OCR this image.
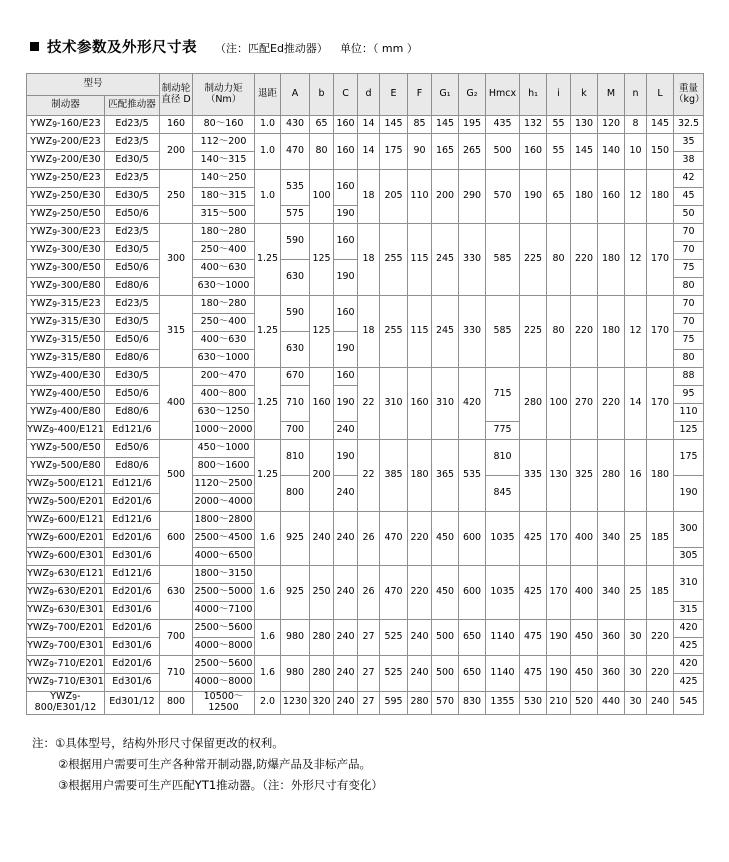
技术参数及外形尺寸表 （注：匹配Ed推动器） 单位：（ mm ）
型号		制动轮直径 D	制动力矩 （Nm）	退距	A	b	C	d	E	F	G₁	G₂	Hmcx	h₁	i	k	M	n	L	重量 （kg）
制动器	匹配推动器																			
YWZ9-160/E23	Ed23/5	160	80～160	1.0	430	65	160	14	145	85	145	195	435	132	55	130	120	8	145	32.5
YWZ9-200/E23	Ed23/5	200	112～200	1.0	470	80	160	14	175	90	165	265	500	160	55	145	140	10	150	35
YWZ9-200/E30	Ed30/5		140～315																	38
YWZ9-250/E23	Ed23/5	250	140～250	1.0	535	100	160	18	205	110	200	290	570	190	65	180	160	12	180	42
YWZ9-250/E30	Ed30/5		180～315																	45
YWZ9-250/E50	Ed50/6		315～500		575		190													50
YWZ9-300/E23	Ed23/5	300	180～280	1.25	590	125	160	18	255	115	245	330	585	225	80	220	180	12	170	70
YWZ9-300/E30	Ed30/5		250～400																	70
YWZ9-300/E50	Ed50/6		400～630		630		190													75
YWZ9-300/E80	Ed80/6		630～1000																	80
YWZ9-315/E23	Ed23/5	315	180～280	1.25	590	125	160	18	255	115	245	330	585	225	80	220	180	12	170	70
YWZ9-315/E30	Ed30/5		250～400																	70
YWZ9-315/E50	Ed50/6		400～630		630		190													75
YWZ9-315/E80	Ed80/6		630～1000																	80
YWZ9-400/E30	Ed30/5	400	200～470	1.25	670	160	160	22	310	160	310	420	715	280	100	270	220	14	170	88
YWZ9-400/E50	Ed50/6		400～800		710		190													95
YWZ9-400/E80	Ed80/6		630～1250																	110
YWZ9-400/E121	Ed121/6		1000～2000		700		240						775							125
YWZ9-500/E50	Ed50/6	500	450～1000	1.25	810	200	190	22	385	180	365	535	810	335	130	325	280	16	180	175
YWZ9-500/E80	Ed80/6		800～1600																	
YWZ9-500/E121	Ed121/6		1120～2500		800		240						845							190
YWZ9-500/E201	Ed201/6		2000～4000																	
YWZ9-600/E121	Ed121/6	600	1800～2800	1.6	925	240	240	26	470	220	450	600	1035	425	170	400	340	25	185	300
YWZ9-600/E201	Ed201/6		2500～4500																	
YWZ9-600/E301	Ed301/6		4000～6500																	305
YWZ9-630/E121	Ed121/6	630	1800～3150	1.6	925	250	240	26	470	220	450	600	1035	425	170	400	340	25	185	310
YWZ9-630/E201	Ed201/6		2500～5000																	
YWZ9-630/E301	Ed301/6		4000～7100																	315
YWZ9-700/E201	Ed201/6	700	2500～5600	1.6	980	280	240	27	525	240	500	650	1140	475	190	450	360	30	220	420
YWZ9-700/E301	Ed301/6		4000～8000																	425
YWZ9-710/E201	Ed201/6	710	2500～5600	1.6	980	280	240	27	525	240	500	650	1140	475	190	450	360	30	220	420
YWZ9-710/E301	Ed301/6		4000～8000																	425
YWZ9-800/E301/12	Ed301/12	800	10500～12500	2.0	1230	320	240	27	595	280	570	830	1355	530	210	520	440	30	240	545
注：①具体型号，结构外形尺寸保留更改的权利。
②根据用户需要可生产各种常开制动器,防爆产品及非标产品。
③根据用户需要可生产匹配YT1推动器。（注：外形尺寸有变化）
